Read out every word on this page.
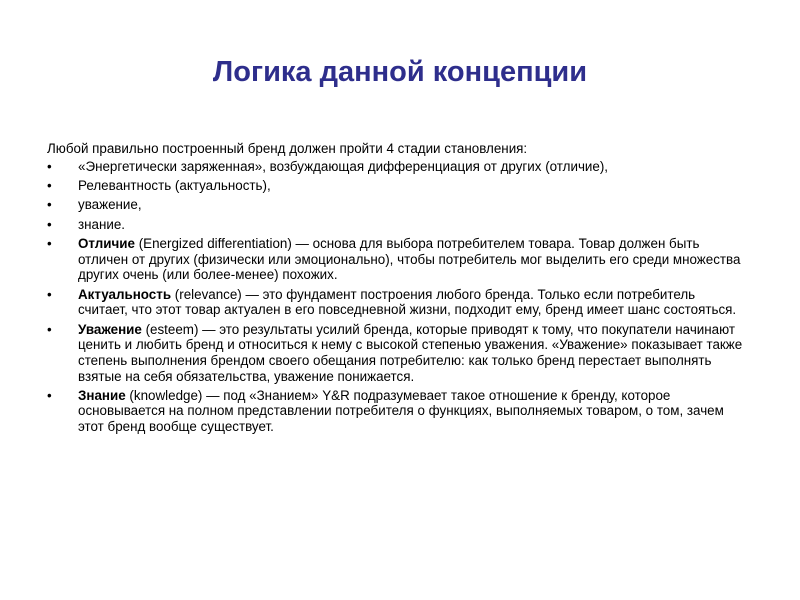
Логика данной концепции

Любой правильно построенный бренд должен пройти 4 стадии становления:

• «Энергетически заряженная», возбуждающая дифференциация от других (отличие),
• Релевантность (актуальность),
• уважение,
• знание.
• Отличие (Energized differentiation) — основа для выбора потребителем товара. Товар должен быть отличен от других (физически или эмоционально), чтобы потребитель мог выделить его среди множества других очень (или более-менее) похожих.
• Актуальность (relevance) — это фундамент построения любого бренда. Только если потребитель считает, что этот товар актуален в его повседневной жизни, подходит ему, бренд имеет шанс состояться.
• Уважение (esteem) — это результаты усилий бренда, которые приводят к тому, что покупатели начинают ценить и любить бренд и относиться к нему с высокой степенью уважения. «Уважение» показывает также степень выполнения брендом своего обещания потребителю: как только бренд перестает выполнять взятые на себя обязательства, уважение понижается.
• Знание (knowledge) — под «Знанием» Y&R подразумевает такое отношение к бренду, которое основывается на полном представлении потребителя о функциях, выполняемых товаром, о том, зачем этот бренд вообще существует.
